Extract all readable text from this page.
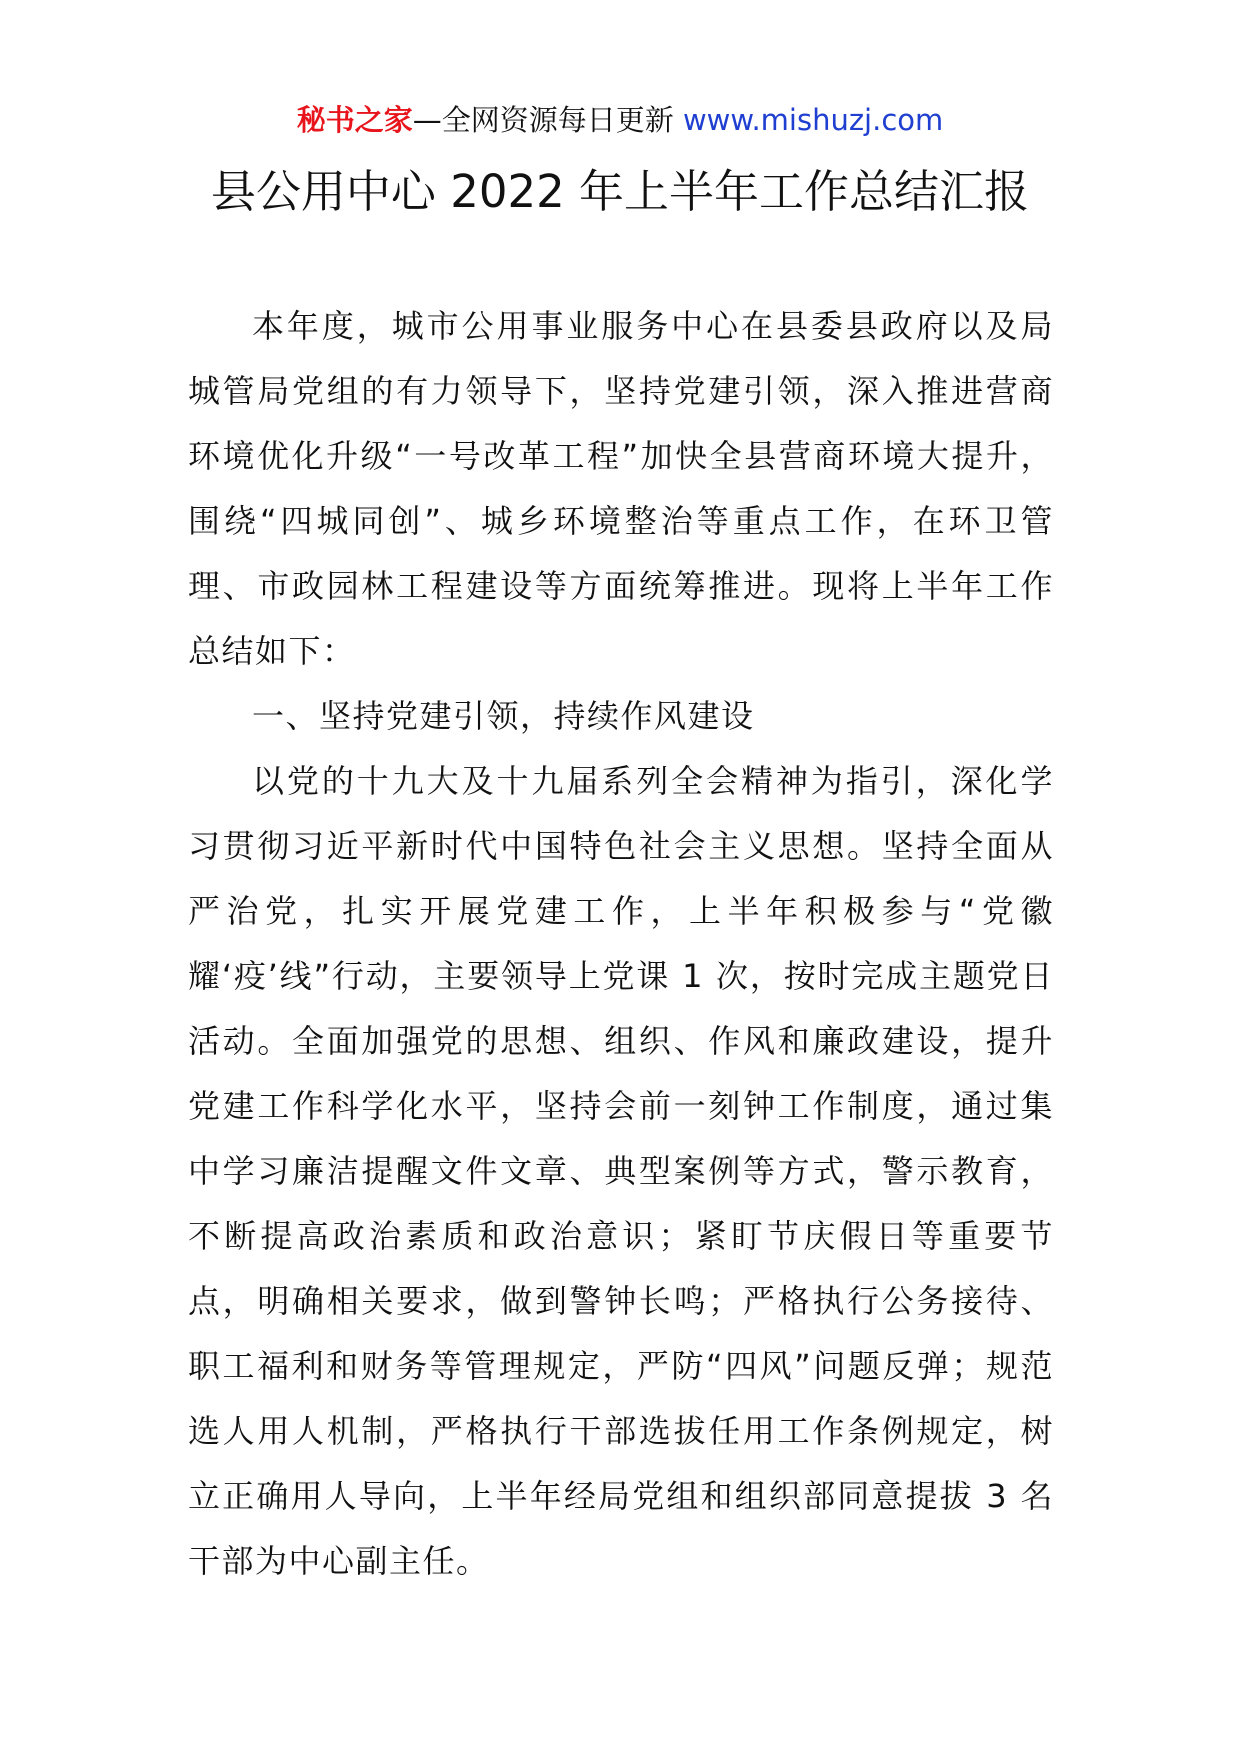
秘书之家—全网资源每日更新 www.mishuzj.com
县公用中心 2022 年上半年工作总结汇报

本年度，城市公用事业服务中心在县委县政府以及局城管局党组的有力领导下，坚持党建引领，深入推进营商环境优化升级“一号改革工程”加快全县营商环境大提升，围绕“四城同创”、城乡环境整治等重点工作，在环卫管理、市政园林工程建设等方面统筹推进。现将上半年工作总结如下：

一、坚持党建引领，持续作风建设

以党的十九大及十九届系列全会精神为指引，深化学习贯彻习近平新时代中国特色社会主义思想。坚持全面从严治党，扎实开展党建工作，上半年积极参与“党徽耀‘疫’线”行动，主要领导上党课 1 次，按时完成主题党日活动。全面加强党的思想、组织、作风和廉政建设，提升党建工作科学化水平，坚持会前一刻钟工作制度，通过集中学习廉洁提醒文件文章、典型案例等方式，警示教育，不断提高政治素质和政治意识；紧盯节庆假日等重要节点，明确相关要求，做到警钟长鸣；严格执行公务接待、职工福利和财务等管理规定，严防“四风”问题反弹；规范选人用人机制，严格执行干部选拔任用工作条例规定，树立正确用人导向，上半年经局党组和组织部同意提拔 3 名干部为中心副主任。
